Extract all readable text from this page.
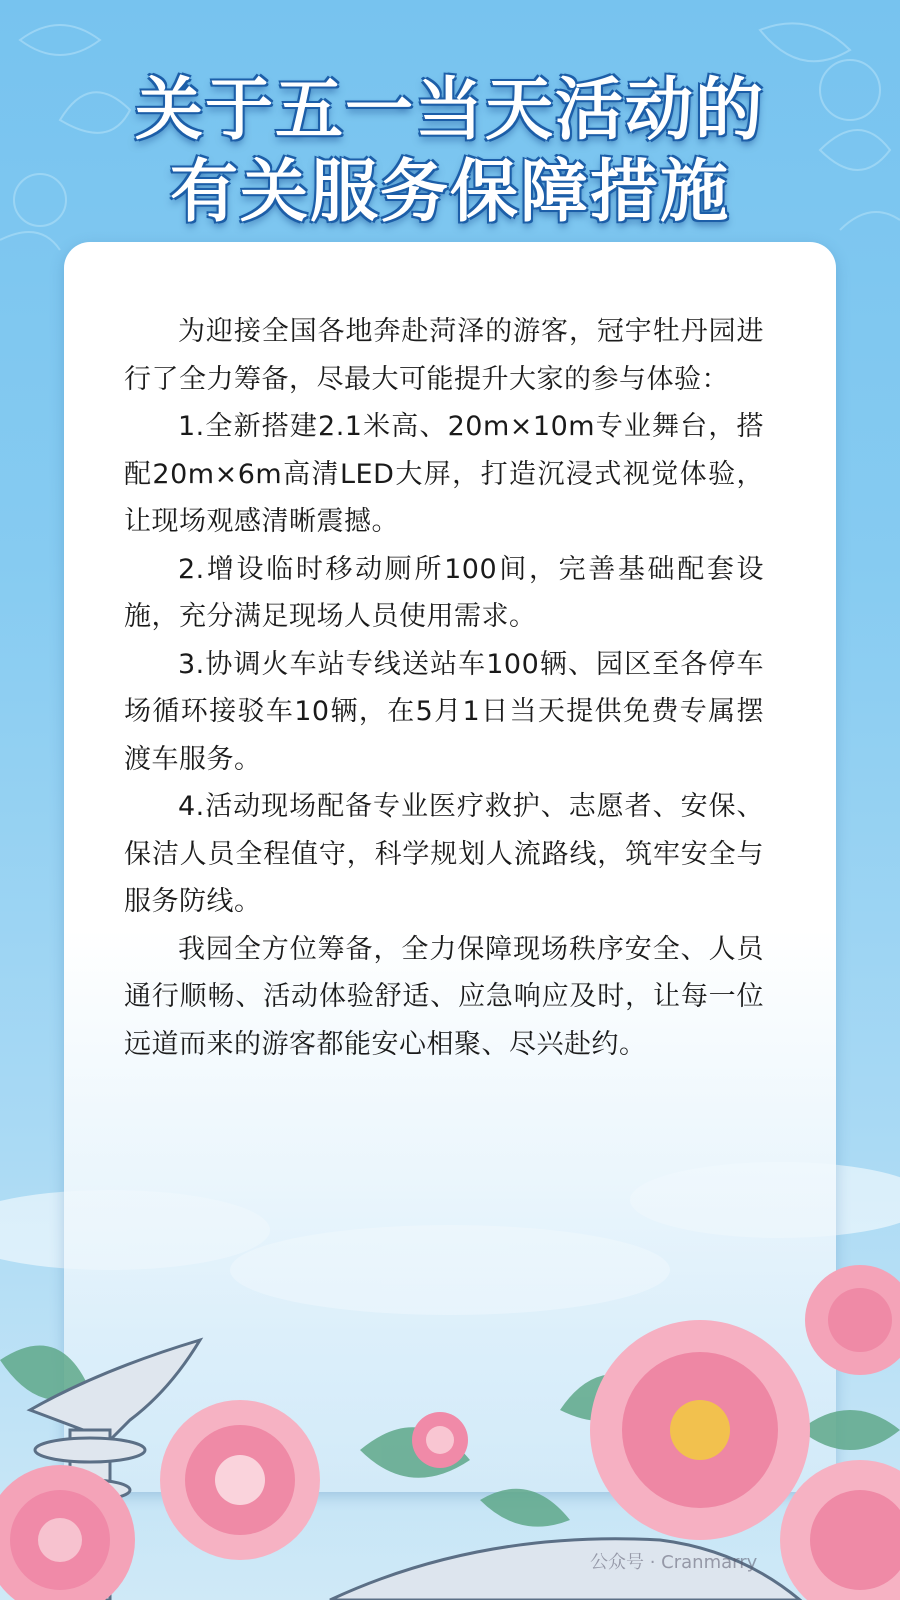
关于五一当天活动的
有关服务保障措施

为迎接全国各地奔赴菏泽的游客，冠宇牡丹园进行了全力筹备，尽最大可能提升大家的参与体验：

1.全新搭建2.1米高、20m×10m专业舞台，搭配20m×6m高清LED大屏，打造沉浸式视觉体验，让现场观感清晰震撼。

2.增设临时移动厕所100间，完善基础配套设施，充分满足现场人员使用需求。

3.协调火车站专线送站车100辆、园区至各停车场循环接驳车10辆，在5月1日当天提供免费专属摆渡车服务。

4.活动现场配备专业医疗救护、志愿者、安保、保洁人员全程值守，科学规划人流路线，筑牢安全与服务防线。

我园全方位筹备，全力保障现场秩序安全、人员通行顺畅、活动体验舒适、应急响应及时，让每一位远道而来的游客都能安心相聚、尽兴赴约。

公众号 · Cranmarry
